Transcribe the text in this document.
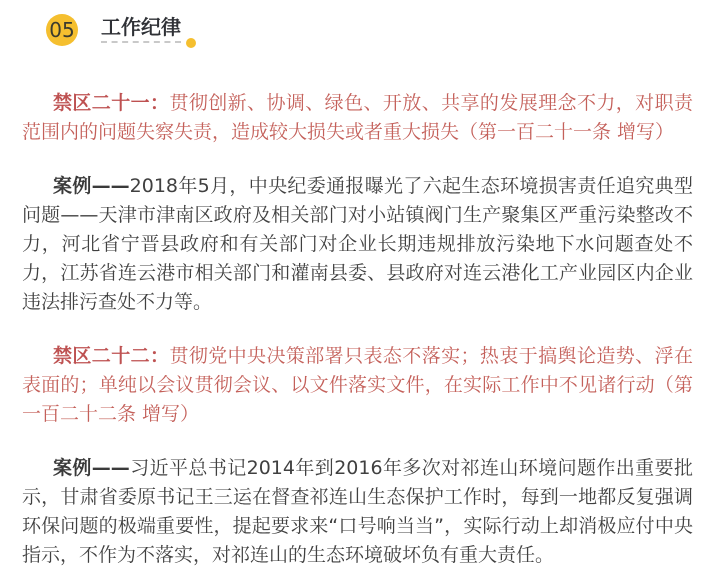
05 工作纪律

禁区二十一：贯彻创新、协调、绿色、开放、共享的发展理念不力，对职责范围内的问题失察失责，造成较大损失或者重大损失（第一百二十一条 增写）

案例——2018年5月，中央纪委通报曝光了六起生态环境损害责任追究典型问题——天津市津南区政府及相关部门对小站镇阀门生产聚集区严重污染整改不力，河北省宁晋县政府和有关部门对企业长期违规排放污染地下水问题查处不力，江苏省连云港市相关部门和灌南县委、县政府对连云港化工产业园区内企业违法排污查处不力等。

禁区二十二：贯彻党中央决策部署只表态不落实；热衷于搞舆论造势、浮在表面的；单纯以会议贯彻会议、以文件落实文件，在实际工作中不见诸行动（第一百二十二条 增写）

案例——习近平总书记2014年到2016年多次对祁连山环境问题作出重要批示，甘肃省委原书记王三运在督查祁连山生态保护工作时，每到一地都反复强调环保问题的极端重要性，提起要求来“口号响当当”，实际行动上却消极应付中央指示，不作为不落实，对祁连山的生态环境破坏负有重大责任。
